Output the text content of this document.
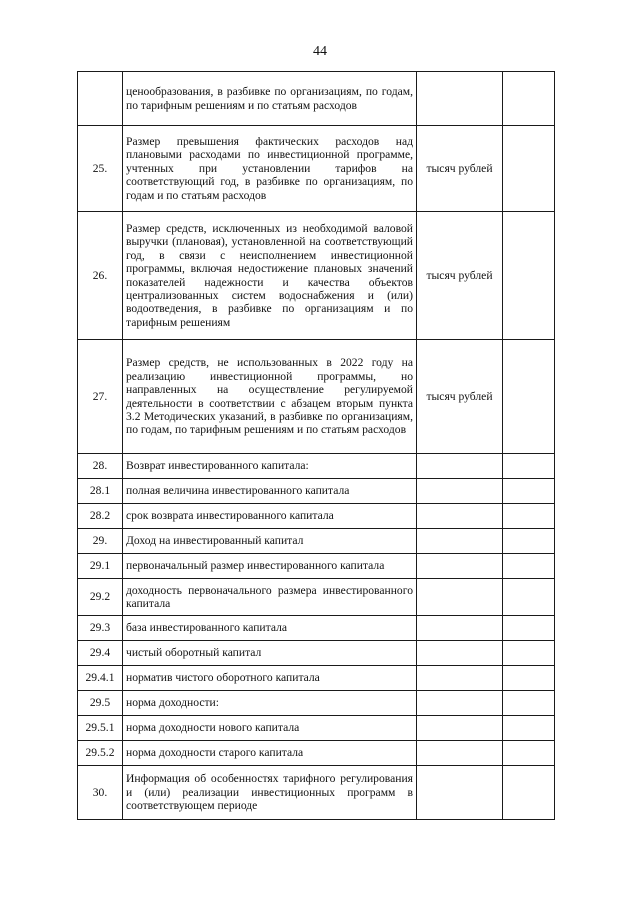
44
	ценообразования, в разбивке по организациям, по годам, по тарифным решениям и по статьям расходов		
25.	Размер превышения фактических расходов над плановыми расходами по инвестиционной программе, учтенных при установлении тарифов на соответствующий год, в разбивке по организациям, по годам и по статьям расходов	тысяч рублей	
26.	Размер средств, исключенных из необходимой валовой выручки (плановая), установленной на соответствующий год, в связи с неисполнением инвестиционной программы, включая недостижение плановых значений показателей надежности и качества объектов централизованных систем водоснабжения и (или) водоотведения, в разбивке по организациям и по тарифным решениям	тысяч рублей	
27.	Размер средств, не использованных в 2022 году на реализацию инвестиционной программы, но направленных на осуществление регулируемой деятельности в соответствии с абзацем вторым пункта 3.2 Методических указаний, в разбивке по организациям, по годам, по тарифным решениям и по статьям расходов	тысяч рублей	
28.	Возврат инвестированного капитала:		
28.1	полная величина инвестированного капитала		
28.2	срок возврата инвестированного капитала		
29.	Доход на инвестированный капитал		
29.1	первоначальный размер инвестированного капитала		
29.2	доходность первоначального размера инвестированного капитала		
29.3	база инвестированного капитала		
29.4	чистый оборотный капитал		
29.4.1	норматив чистого оборотного капитала		
29.5	норма доходности:		
29.5.1	норма доходности нового капитала		
29.5.2	норма доходности старого капитала		
30.	Информация об особенностях тарифного регулирования и (или) реализации инвестиционных программ в соответствующем периоде		
